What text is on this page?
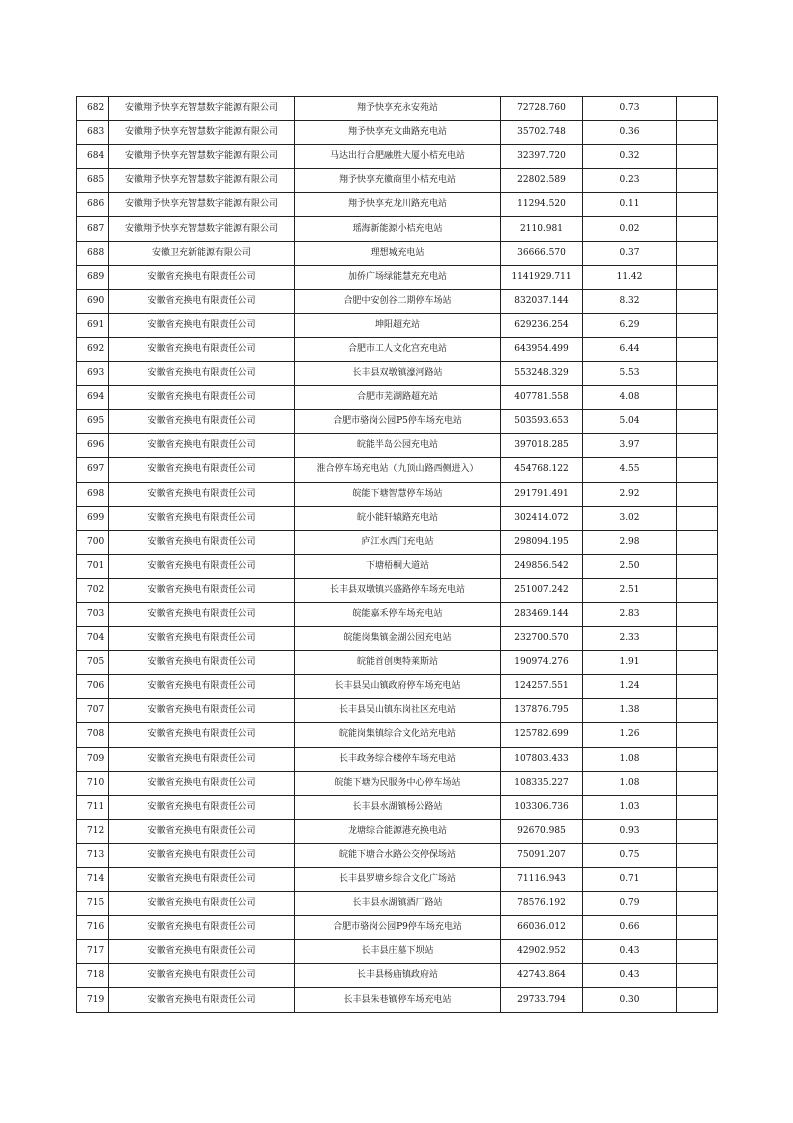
682	安徽翔予快享充智慧数字能源有限公司	翔予快享充永安苑站	72728.760	0.73	
683	安徽翔予快享充智慧数字能源有限公司	翔予快享充文曲路充电站	35702.748	0.36	
684	安徽翔予快享充智慧数字能源有限公司	马达出行合肥融胜大厦小桔充电站	32397.720	0.32	
685	安徽翔予快享充智慧数字能源有限公司	翔予快享充徽商里小桔充电站	22802.589	0.23	
686	安徽翔予快享充智慧数字能源有限公司	翔予快享充龙川路充电站	11294.520	0.11	
687	安徽翔予快享充智慧数字能源有限公司	瑶海新能源小桔充电站	2110.981	0.02	
688	安徽卫充新能源有限公司	理想城充电站	36666.570	0.37	
689	安徽省充换电有限责任公司	加侨广场绿能慧充充电站	1141929.711	11.42	
690	安徽省充换电有限责任公司	合肥中安创谷二期停车场站	832037.144	8.32	
691	安徽省充换电有限责任公司	坤阳超充站	629236.254	6.29	
692	安徽省充换电有限责任公司	合肥市工人文化宫充电站	643954.499	6.44	
693	安徽省充换电有限责任公司	长丰县双墩镇濠河路站	553248.329	5.53	
694	安徽省充换电有限责任公司	合肥市芜湖路超充站	407781.558	4.08	
695	安徽省充换电有限责任公司	合肥市骆岗公园P5停车场充电站	503593.653	5.04	
696	安徽省充换电有限责任公司	皖能半岛公园充电站	397018.285	3.97	
697	安徽省充换电有限责任公司	淮合停车场充电站（九顶山路西侧进入）	454768.122	4.55	
698	安徽省充换电有限责任公司	皖能下塘智慧停车场站	291791.491	2.92	
699	安徽省充换电有限责任公司	皖小能轩辕路充电站	302414.072	3.02	
700	安徽省充换电有限责任公司	庐江水西门充电站	298094.195	2.98	
701	安徽省充换电有限责任公司	下塘梧桐大道站	249856.542	2.50	
702	安徽省充换电有限责任公司	长丰县双墩镇兴盛路停车场充电站	251007.242	2.51	
703	安徽省充换电有限责任公司	皖能嘉禾停车场充电站	283469.144	2.83	
704	安徽省充换电有限责任公司	皖能岗集镇金湖公园充电站	232700.570	2.33	
705	安徽省充换电有限责任公司	皖能首创奥特莱斯站	190974.276	1.91	
706	安徽省充换电有限责任公司	长丰县吴山镇政府停车场充电站	124257.551	1.24	
707	安徽省充换电有限责任公司	长丰县吴山镇东岗社区充电站	137876.795	1.38	
708	安徽省充换电有限责任公司	皖能岗集镇综合文化站充电站	125782.699	1.26	
709	安徽省充换电有限责任公司	长丰政务综合楼停车场充电站	107803.433	1.08	
710	安徽省充换电有限责任公司	皖能下塘为民服务中心停车场站	108335.227	1.08	
711	安徽省充换电有限责任公司	长丰县水湖镇杨公路站	103306.736	1.03	
712	安徽省充换电有限责任公司	龙塘综合能源港充换电站	92670.985	0.93	
713	安徽省充换电有限责任公司	皖能下塘合水路公交停保场站	75091.207	0.75	
714	安徽省充换电有限责任公司	长丰县罗塘乡综合文化广场站	71116.943	0.71	
715	安徽省充换电有限责任公司	长丰县水湖镇酒厂路站	78576.192	0.79	
716	安徽省充换电有限责任公司	合肥市骆岗公园P9停车场充电站	66036.012	0.66	
717	安徽省充换电有限责任公司	长丰县庄墓下坝站	42902.952	0.43	
718	安徽省充换电有限责任公司	长丰县杨庙镇政府站	42743.864	0.43	
719	安徽省充换电有限责任公司	长丰县朱巷镇停车场充电站	29733.794	0.30	
